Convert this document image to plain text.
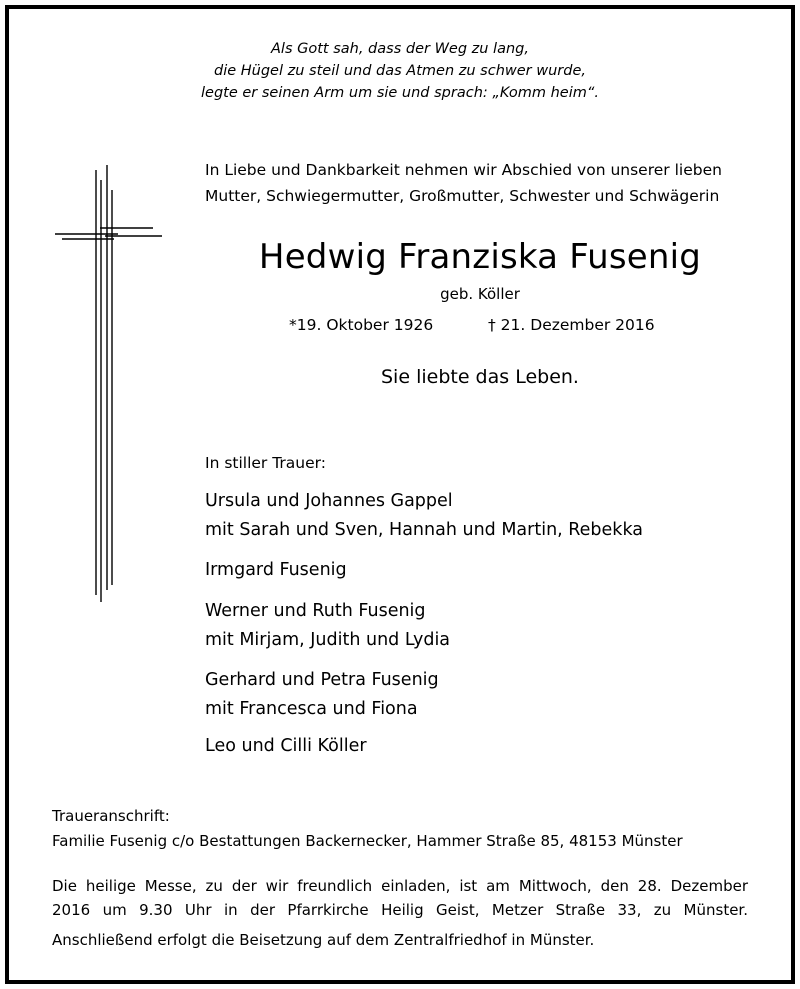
Als Gott sah, dass der Weg zu lang,
die Hügel zu steil und das Atmen zu schwer wurde,
legte er seinen Arm um sie und sprach: „Komm heim“.
In Liebe und Dankbarkeit nehmen wir Abschied von unserer lieben
Mutter, Schwiegermutter, Großmutter, Schwester und Schwägerin
Hedwig Franziska Fusenig
geb. Köller
*19. Oktober 1926	† 21. Dezember 2016
Sie liebte das Leben.
In stiller Trauer:
Ursula und Johannes Gappel
mit Sarah und Sven, Hannah und Martin, Rebekka
Irmgard Fusenig
Werner und Ruth Fusenig
mit Mirjam, Judith und Lydia
Gerhard und Petra Fusenig
mit Francesca und Fiona
Leo und Cilli Köller
Traueranschrift:
Familie Fusenig c/o Bestattungen Backernecker, Hammer Straße 85, 48153 Münster
Die heilige Messe, zu der wir freundlich einladen, ist am Mittwoch, den 28. Dezember
2016 um 9.30 Uhr in der Pfarrkirche Heilig Geist, Metzer Straße 33, zu Münster.
Anschließend erfolgt die Beisetzung auf dem Zentralfriedhof in Münster.
